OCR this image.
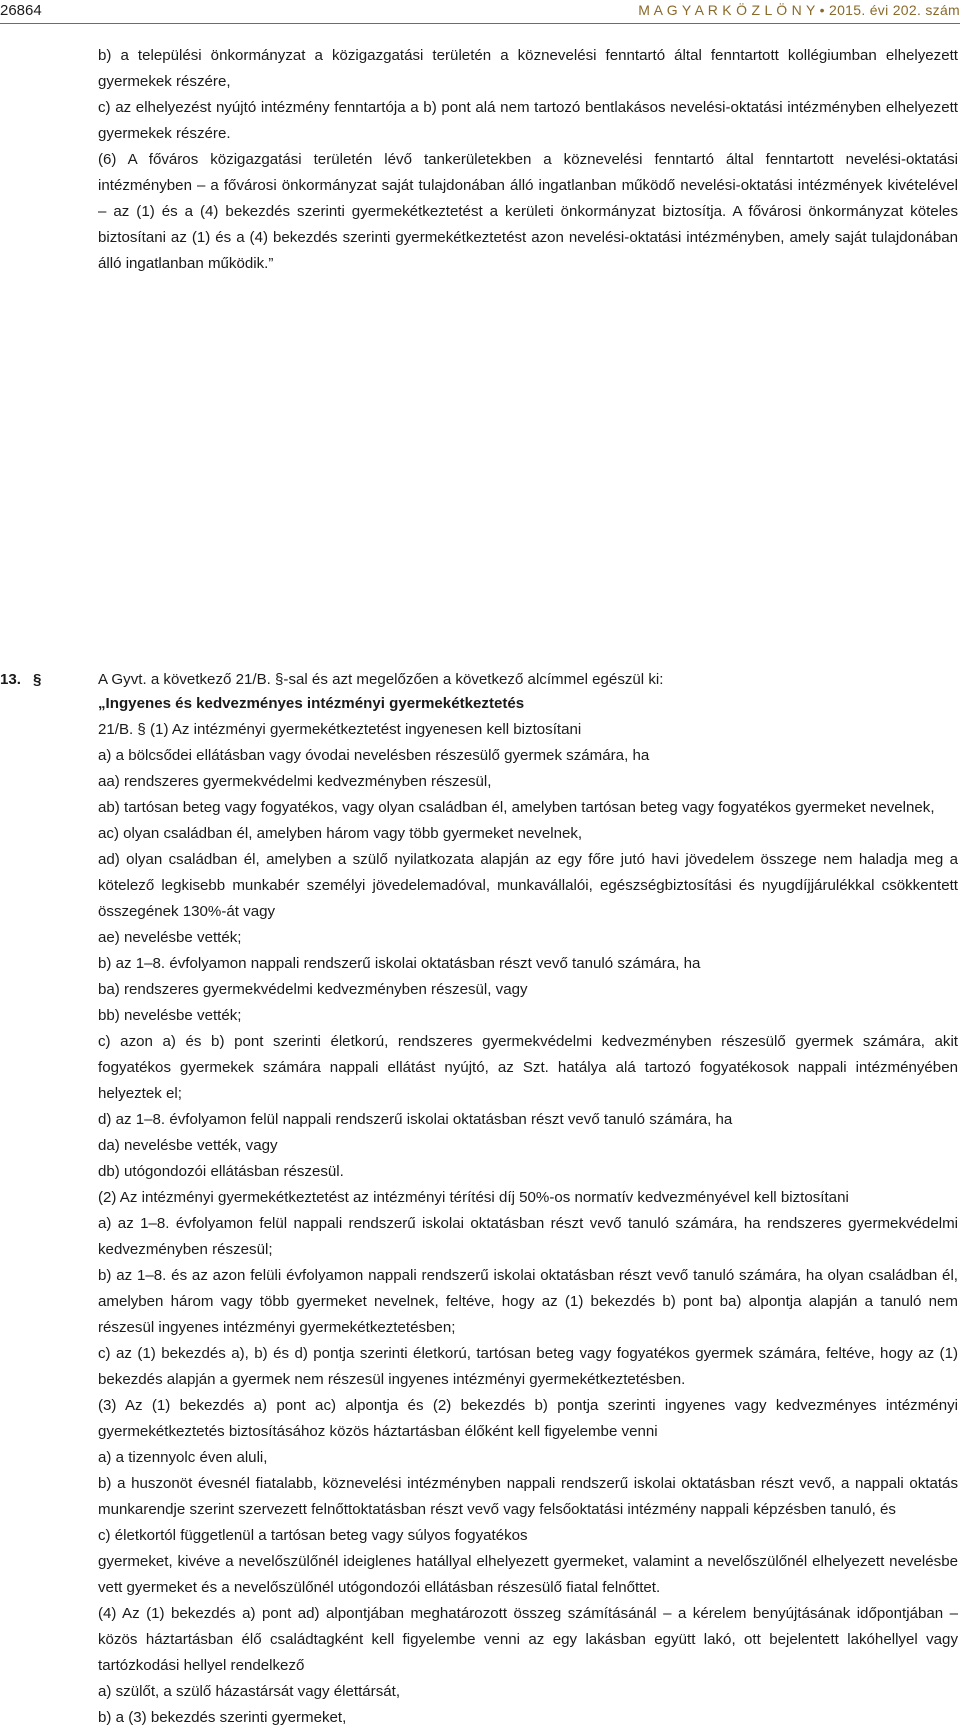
26864	M A G Y A R K Ö Z L Ö N Y • 2015. évi 202. szám

b) a települési önkormányzat a közigazgatási területén a köznevelési fenntartó által fenntartott kollégiumban elhelyezett gyermekek részére,

c) az elhelyezést nyújtó intézmény fenntartója a b) pont alá nem tartozó bentlakásos nevelési-oktatási intézményben elhelyezett gyermekek részére.

(6) A főváros közigazgatási területén lévő tankerületekben a köznevelési fenntartó által fenntartott nevelési-oktatási intézményben – a fővárosi önkormányzat saját tulajdonában álló ingatlanban működő nevelési-oktatási intézmények kivételével – az (1) és a (4) bekezdés szerinti gyermekétkeztetést a kerületi önkormányzat biztosítja. A fővárosi önkormányzat köteles biztosítani az (1) és a (4) bekezdés szerinti gyermekétkeztetést azon nevelési-oktatási intézményben, amely saját tulajdonában álló ingatlanban működik.”

13. §	A Gyvt. a következő 21/B. §-sal és azt megelőzően a következő alcímmel egészül ki:

„Ingyenes és kedvezményes intézményi gyermekétkeztetés

21/B. § (1) Az intézményi gyermekétkeztetést ingyenesen kell biztosítani

a) a bölcsődei ellátásban vagy óvodai nevelésben részesülő gyermek számára, ha

aa) rendszeres gyermekvédelmi kedvezményben részesül,

ab) tartósan beteg vagy fogyatékos, vagy olyan családban él, amelyben tartósan beteg vagy fogyatékos gyermeket nevelnek,

ac) olyan családban él, amelyben három vagy több gyermeket nevelnek,

ad) olyan családban él, amelyben a szülő nyilatkozata alapján az egy főre jutó havi jövedelem összege nem haladja meg a kötelező legkisebb munkabér személyi jövedelemadóval, munkavállalói, egészségbiztosítási és nyugdíjjárulékkal csökkentett összegének 130%-át vagy

ae) nevelésbe vették;

b) az 1–8. évfolyamon nappali rendszerű iskolai oktatásban részt vevő tanuló számára, ha

ba) rendszeres gyermekvédelmi kedvezményben részesül, vagy

bb) nevelésbe vették;

c) azon a) és b) pont szerinti életkorú, rendszeres gyermekvédelmi kedvezményben részesülő gyermek számára, akit fogyatékos gyermekek számára nappali ellátást nyújtó, az Szt. hatálya alá tartozó fogyatékosok nappali intézményében helyeztek el;

d) az 1–8. évfolyamon felül nappali rendszerű iskolai oktatásban részt vevő tanuló számára, ha

da) nevelésbe vették, vagy

db) utógondozói ellátásban részesül.

(2) Az intézményi gyermekétkeztetést az intézményi térítési díj 50%-os normatív kedvezményével kell biztosítani

a) az 1–8. évfolyamon felül nappali rendszerű iskolai oktatásban részt vevő tanuló számára, ha rendszeres gyermekvédelmi kedvezményben részesül;

b) az 1–8. és az azon felüli évfolyamon nappali rendszerű iskolai oktatásban részt vevő tanuló számára, ha olyan családban él, amelyben három vagy több gyermeket nevelnek, feltéve, hogy az (1) bekezdés b) pont ba) alpontja alapján a tanuló nem részesül ingyenes intézményi gyermekétkeztetésben;

c) az (1) bekezdés a), b) és d) pontja szerinti életkorú, tartósan beteg vagy fogyatékos gyermek számára, feltéve, hogy az (1) bekezdés alapján a gyermek nem részesül ingyenes intézményi gyermekétkeztetésben.

(3) Az (1) bekezdés a) pont ac) alpontja és (2) bekezdés b) pontja szerinti ingyenes vagy kedvezményes intézményi gyermekétkeztetés biztosításához közös háztartásban élőként kell figyelembe venni

a) a tizennyolc éven aluli,

b) a huszonöt évesnél fiatalabb, köznevelési intézményben nappali rendszerű iskolai oktatásban részt vevő, a nappali oktatás munkarendje szerint szervezett felnőttoktatásban részt vevő vagy felsőoktatási intézmény nappali képzésben tanuló, és

c) életkortól függetlenül a tartósan beteg vagy súlyos fogyatékos

gyermeket, kivéve a nevelőszülőnél ideiglenes hatállyal elhelyezett gyermeket, valamint a nevelőszülőnél elhelyezett nevelésbe vett gyermeket és a nevelőszülőnél utógondozói ellátásban részesülő fiatal felnőttet.

(4) Az (1) bekezdés a) pont ad) alpontjában meghatározott összeg számításánál – a kérelem benyújtásának időpontjában – közös háztartásban élő családtagként kell figyelembe venni az egy lakásban együtt lakó, ott bejelentett lakóhellyel vagy tartózkodási hellyel rendelkező

a) szülőt, a szülő házastársát vagy élettársát,

b) a (3) bekezdés szerinti gyermeket,
